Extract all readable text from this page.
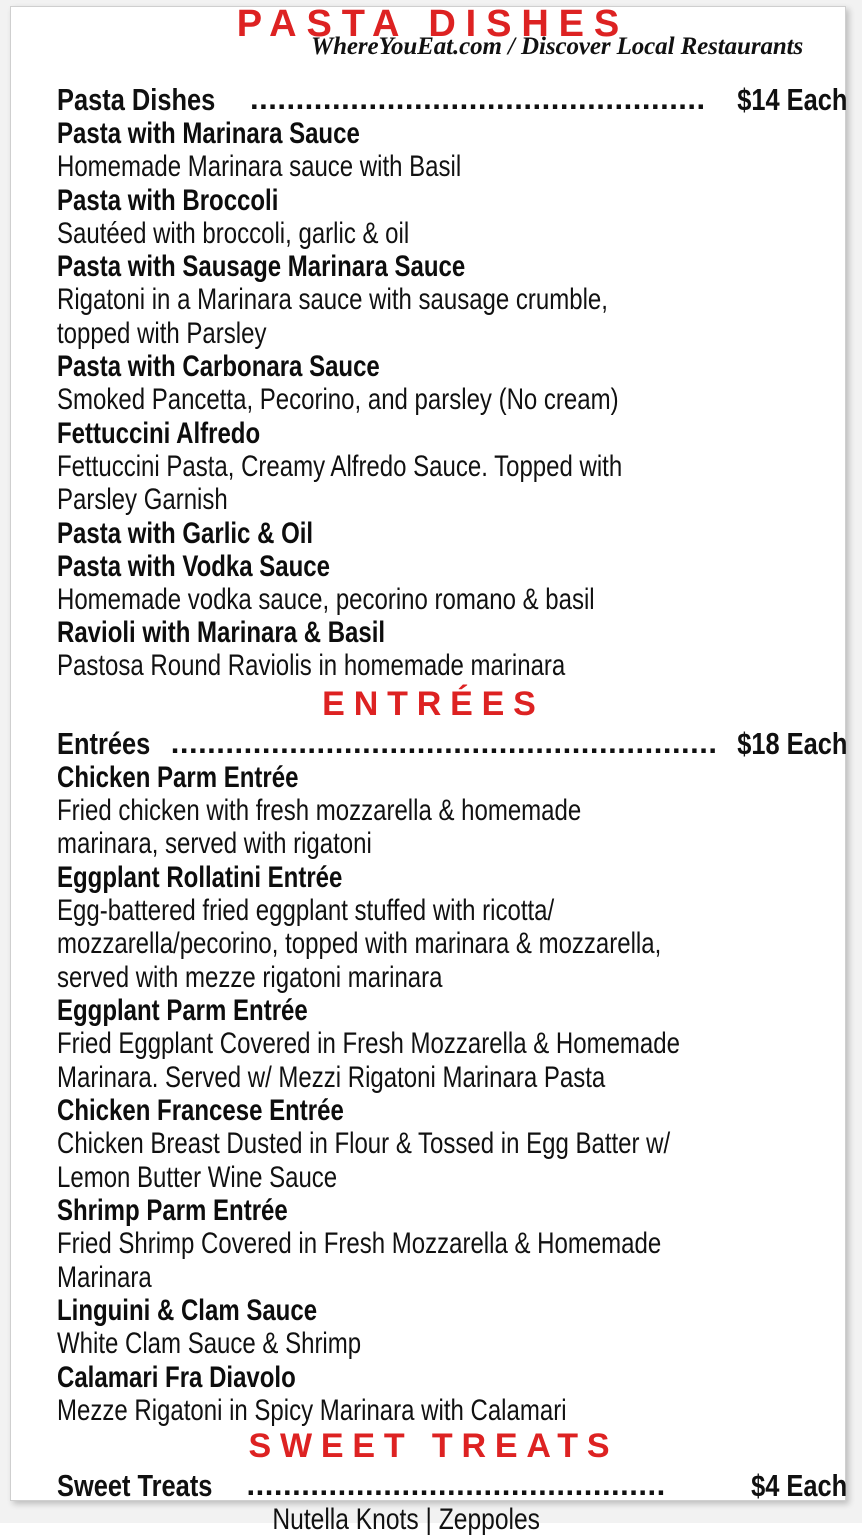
PASTA DISHES
WhereYouEat.com / Discover Local Restaurants
Pasta Dishes .................................................. $14 Each
Pasta with Marinara Sauce
Homemade Marinara sauce with Basil
Pasta with Broccoli
Sautéed with broccoli, garlic & oil
Pasta with Sausage Marinara Sauce
Rigatoni in a Marinara sauce with sausage crumble,
topped with Parsley
Pasta with Carbonara Sauce
Smoked Pancetta, Pecorino, and parsley (No cream)
Fettuccini Alfredo
Fettuccini Pasta, Creamy Alfredo Sauce. Topped with
Parsley Garnish
Pasta with Garlic & Oil
Pasta with Vodka Sauce
Homemade vodka sauce, pecorino romano & basil
Ravioli with Marinara & Basil
Pastosa Round Raviolis in homemade marinara
ENTRÉES
Entrées ............................................................ $18 Each
Chicken Parm Entrée
Fried chicken with fresh mozzarella & homemade
marinara, served with rigatoni
Eggplant Rollatini Entrée
Egg-battered fried eggplant stuffed with ricotta/
mozzarella/pecorino, topped with marinara & mozzarella,
served with mezze rigatoni marinara
Eggplant Parm Entrée
Fried Eggplant Covered in Fresh Mozzarella & Homemade
Marinara. Served w/ Mezzi Rigatoni Marinara Pasta
Chicken Francese Entrée
Chicken Breast Dusted in Flour & Tossed in Egg Batter w/
Lemon Butter Wine Sauce
Shrimp Parm Entrée
Fried Shrimp Covered in Fresh Mozzarella & Homemade
Marinara
Linguini & Clam Sauce
White Clam Sauce & Shrimp
Calamari Fra Diavolo
Mezze Rigatoni in Spicy Marinara with Calamari
SWEET TREATS
Sweet Treats ..............................................	$4 Each
Nutella Knots | Zeppoles
